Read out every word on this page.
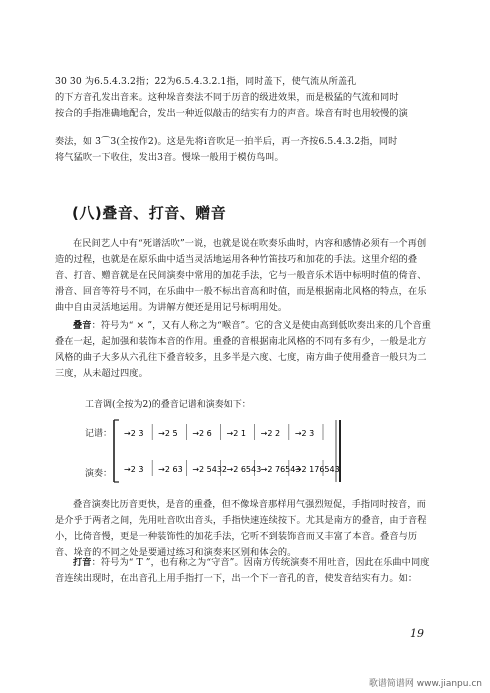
3̇0 3̇0 为6.5.4.3.2指；2̇2̇为6.5.4.3.2.1指，同时盖下，使气流从所盖孔
的下方音孔发出音来。这种垛音奏法不同于历音的级进效果，而是极猛的气流和同时
按合的手指准确地配合，发出一种近似敲击的结实有力的声音。垛音有时也用较慢的演
奏法，如 3̇⌒3(全按作2)。这是先将i音吹足一拍半后，再一齐按6.5.4.3.2指，同时
将气猛吹一下收住，发出3音。慢垛一般用于模仿鸟叫。
(八)叠音、打音、赠音
在民间艺人中有“死谱活吹”一说，也就是说在吹奏乐曲时，内容和感情必须有一个再创造的过程，也就是在原乐曲中适当灵活地运用各种竹笛技巧和加花的手法。这里介绍的叠音、打音、赠音就是在民间演奏中常用的加花手法，它与一般音乐术语中标明时值的倚音、滑音、回音等符号不同，在乐曲中一般不标出音高和时值，而是根据南北风格的特点，在乐曲中自由灵活地运用。为讲解方便还是用记号标明用处。
叠音：符号为“ × ”，又有人称之为“喉音”。它的含义是使由高到低吹奏出来的几个音重叠在一起，起加强和装饰本音的作用。重叠的音根据南北风格的不同有多有少，一般是北方风格的曲子大多从六孔往下叠音较多，且多半是六度、七度，南方曲子使用叠音一般只为二三度，从未超过四度。
工音调(全按为2)的叠音记谱和演奏如下：
记谱：
演奏：
→2 3̇ →2 5̇ →2 6̇ →2 1̇ →2 2̇ →2 3̇
→2 3̇ →2 63̇ →2 5432̇ →2 6543̇ →2 76543̇
→2 176543̇
叠音演奏比历音更快，是音的重叠，但不像垛音那样用气强烈短促，手指同时按音，而是介乎于两者之间，先用吐音吹出音头，手指快速连续按下。尤其是南方的叠音，由于音程小，比倚音慢，更是一种装饰性的加花手法，它听不到装饰音而又丰富了本音。叠音与历音、垛音的不同之处是要通过练习和演奏来区别和体会的。
打音：符号为“ T ”，也有称之为“守音”。因南方传统演奏不用吐音，因此在乐曲中同度音连续出现时，在出音孔上用手指打一下，出一个下一音孔的音，使发音结实有力。如：
19
歌谱简谱网 www.jianpu.cn
